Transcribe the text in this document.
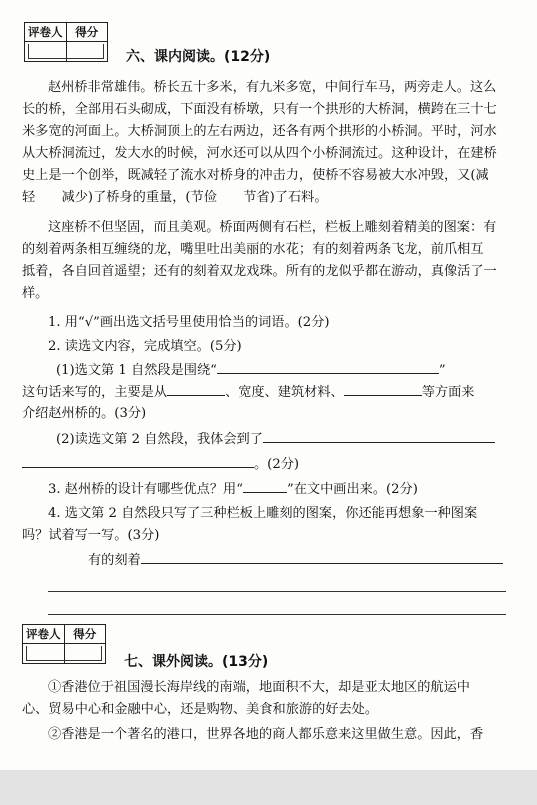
评卷人	得分
六、课内阅读。(12分)
赵州桥非常雄伟。桥长五十多米，有九米多宽，中间行车马，两旁走人。这么
长的桥，全部用石头砌成，下面没有桥墩，只有一个拱形的大桥洞，横跨在三十七
米多宽的河面上。大桥洞顶上的左右两边，还各有两个拱形的小桥洞。平时，河水
从大桥洞流过，发大水的时候，河水还可以从四个小桥洞流过。这种设计，在建桥
史上是一个创举，既减轻了流水对桥身的冲击力，使桥不容易被大水冲毁，又(减
轻　　减少)了桥身的重量，(节俭　　节省)了石料。
这座桥不但坚固，而且美观。桥面两侧有石栏，栏板上雕刻着精美的图案：有
的刻着两条相互缠绕的龙，嘴里吐出美丽的水花；有的刻着两条飞龙，前爪相互
抵着，各自回首遥望；还有的刻着双龙戏珠。所有的龙似乎都在游动，真像活了一
样。
1. 用“√”画出选文括号里使用恰当的词语。(2分)
2. 读选文内容，完成填空。(5分)
(1)选文第 1 自然段是围绕“	”
这句话来写的，主要是从	、宽度、建筑材料、	等方面来
介绍赵州桥的。(3分)
(2)读选文第 2 自然段，我体会到了
。(2分)
3. 赵州桥的设计有哪些优点？用“	”在文中画出来。(2分)
4. 选文第 2 自然段只写了三种栏板上雕刻的图案，你还能再想象一种图案
吗？试着写一写。(3分)
有的刻着
评卷人	得分
七、课外阅读。(13分)
①香港位于祖国漫长海岸线的南端，地面积不大，却是亚太地区的航运中
心、贸易中心和金融中心，还是购物、美食和旅游的好去处。
②香港是一个著名的港口，世界各地的商人都乐意来这里做生意。因此，香
